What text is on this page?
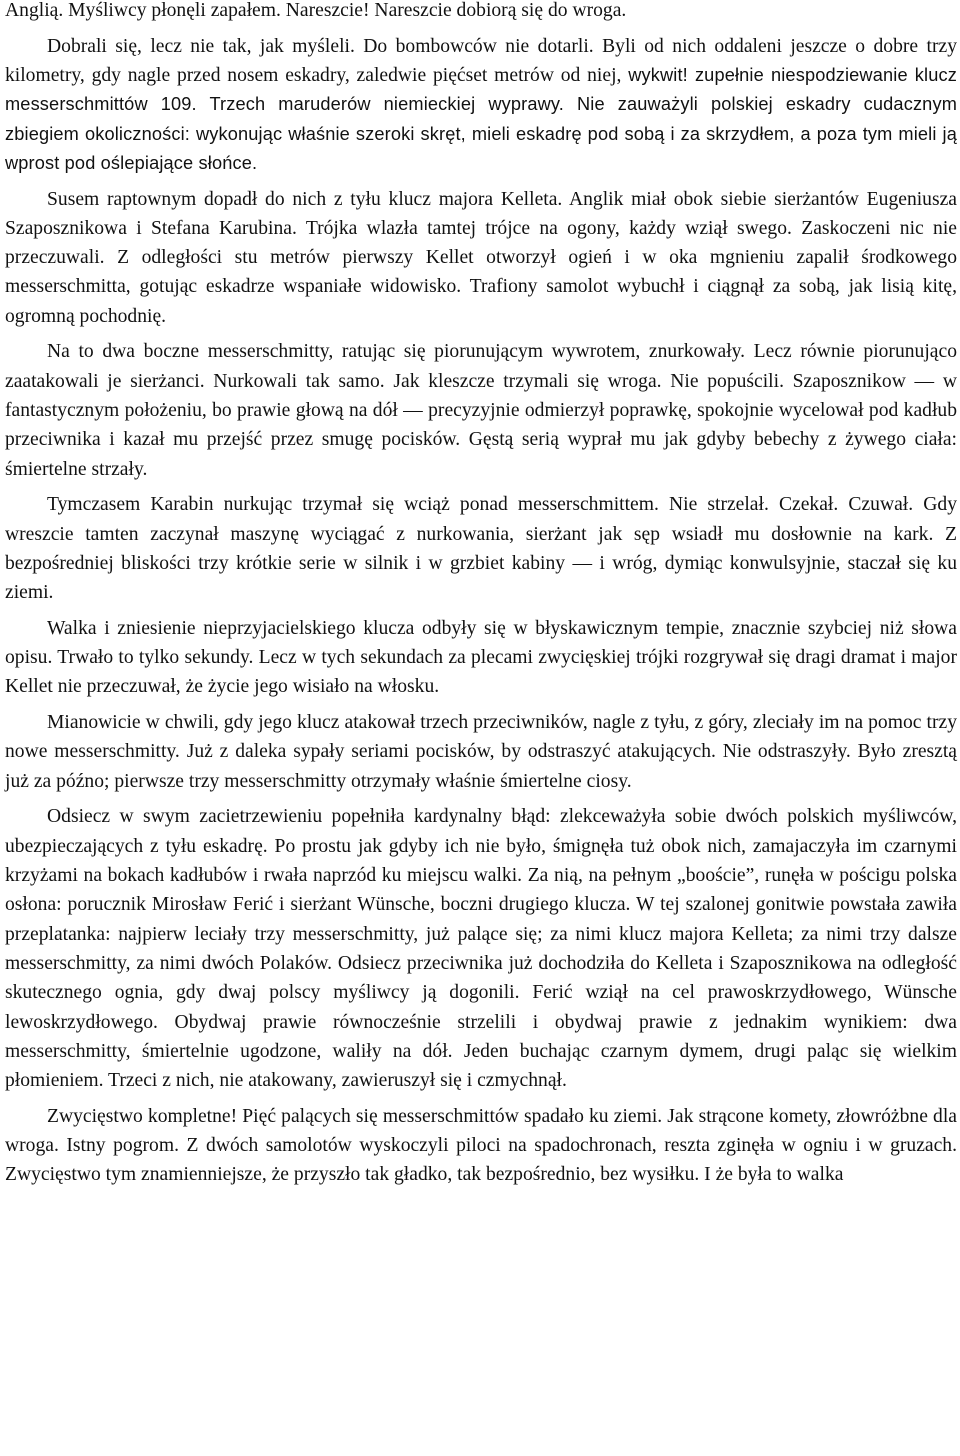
Anglią. Myśliwcy płonęli zapałem. Nareszcie! Nareszcie dobiorą się do wroga.

Dobrali się, lecz nie tak, jak myśleli. Do bombowców nie dotarli. Byli od nich oddaleni jeszcze o dobre trzy kilometry, gdy nagle przed nosem eskadry, zaledwie pięćset metrów od niej, wykwit! zupełnie niespodziewanie klucz messerschmittów 109. Trzech maruderów niemieckiej wyprawy. Nie zauważyli polskiej eskadry cudacznym zbiegiem okoliczności: wykonując właśnie szeroki skręt, mieli eskadrę pod sobą i za skrzydłem, a poza tym mieli ją wprost pod oślepiające słońce.

Susem raptownym dopadł do nich z tyłu klucz majora Kelleta. Anglik miał obok siebie sierżantów Eugeniusza Szaposznikowa i Stefana Karubina. Trójka wlazła tamtej trójce na ogony, każdy wziął swego. Zaskoczeni nic nie przeczuwali. Z odległości stu metrów pierwszy Kellet otworzył ogień i w oka mgnieniu zapalił środkowego messerschmitta, gotując eskadrze wspaniałe widowisko. Trafiony samolot wybuchł i ciągnął za sobą, jak lisią kitę, ogromną pochodnię.

Na to dwa boczne messerschmitty, ratując się piorunującym wywrotem, znurkowały. Lecz równie piorunująco zaatakowali je sierżanci. Nurkowali tak samo. Jak kleszcze trzymali się wroga. Nie popuścili. Szaposznikow — w fantastycznym położeniu, bo prawie głową na dół — precyzyjnie odmierzył poprawkę, spokojnie wycelował pod kadłub przeciwnika i kazał mu przejść przez smugę pocisków. Gęstą serią wyprał mu jak gdyby bebechy z żywego ciała: śmiertelne strzały.

Tymczasem Karabin nurkując trzymał się wciąż ponad messerschmittem. Nie strzelał. Czekał. Czuwał. Gdy wreszcie tamten zaczynał maszynę wyciągać z nurkowania, sierżant jak sęp wsiadł mu dosłownie na kark. Z bezpośredniej bliskości trzy krótkie serie w silnik i w grzbiet kabiny — i wróg, dymiąc konwulsyjnie, staczał się ku ziemi.

Walka i zniesienie nieprzyjacielskiego klucza odbyły się w błyskawicznym tempie, znacznie szybciej niż słowa opisu. Trwało to tylko sekundy. Lecz w tych sekundach za plecami zwycięskiej trójki rozgrywał się dragi dramat i major Kellet nie przeczuwał, że życie jego wisiało na włosku.

Mianowicie w chwili, gdy jego klucz atakował trzech przeciwników, nagle z tyłu, z góry, zleciały im na pomoc trzy nowe messerschmitty. Już z daleka sypały seriami pocisków, by odstraszyć atakujących. Nie odstraszyły. Było zresztą już za późno; pierwsze trzy messerschmitty otrzymały właśnie śmiertelne ciosy.

Odsiecz w swym zacietrzewieniu popełniła kardynalny błąd: zlekceważyła sobie dwóch polskich myśliwców, ubezpieczających z tyłu eskadrę. Po prostu jak gdyby ich nie było, śmignęła tuż obok nich, zamajaczyła im czarnymi krzyżami na bokach kadłubów i rwała naprzód ku miejscu walki. Za nią, na pełnym „booście”, runęła w pościgu polska osłona: porucznik Mirosław Ferić i sierżant Wünsche, boczni drugiego klucza. W tej szalonej gonitwie powstała zawiła przeplatanka: najpierw leciały trzy messerschmitty, już palące się; za nimi klucz majora Kelleta; za nimi trzy dalsze messerschmitty, za nimi dwóch Polaków. Odsiecz przeciwnika już dochodziła do Kelleta i Szaposznikowa na odległość skutecznego ognia, gdy dwaj polscy myśliwcy ją dogonili. Ferić wziął na cel prawoskrzydłowego, Wünsche lewoskrzydłowego. Obydwaj prawie równocześnie strzelili i obydwaj prawie z jednakim wynikiem: dwa messerschmitty, śmiertelnie ugodzone, waliły na dół. Jeden buchając czarnym dymem, drugi paląc się wielkim płomieniem. Trzeci z nich, nie atakowany, zawieruszył się i czmychnął.

Zwycięstwo kompletne! Pięć palących się messerschmittów spadało ku ziemi. Jak strącone komety, złowróżbne dla wroga. Istny pogrom. Z dwóch samolotów wyskoczyli piloci na spadochronach, reszta zginęła w ogniu i w gruzach. Zwycięstwo tym znamienniejsze, że przyszło tak gładko, tak bezpośrednio, bez wysiłku. I że była to walka
